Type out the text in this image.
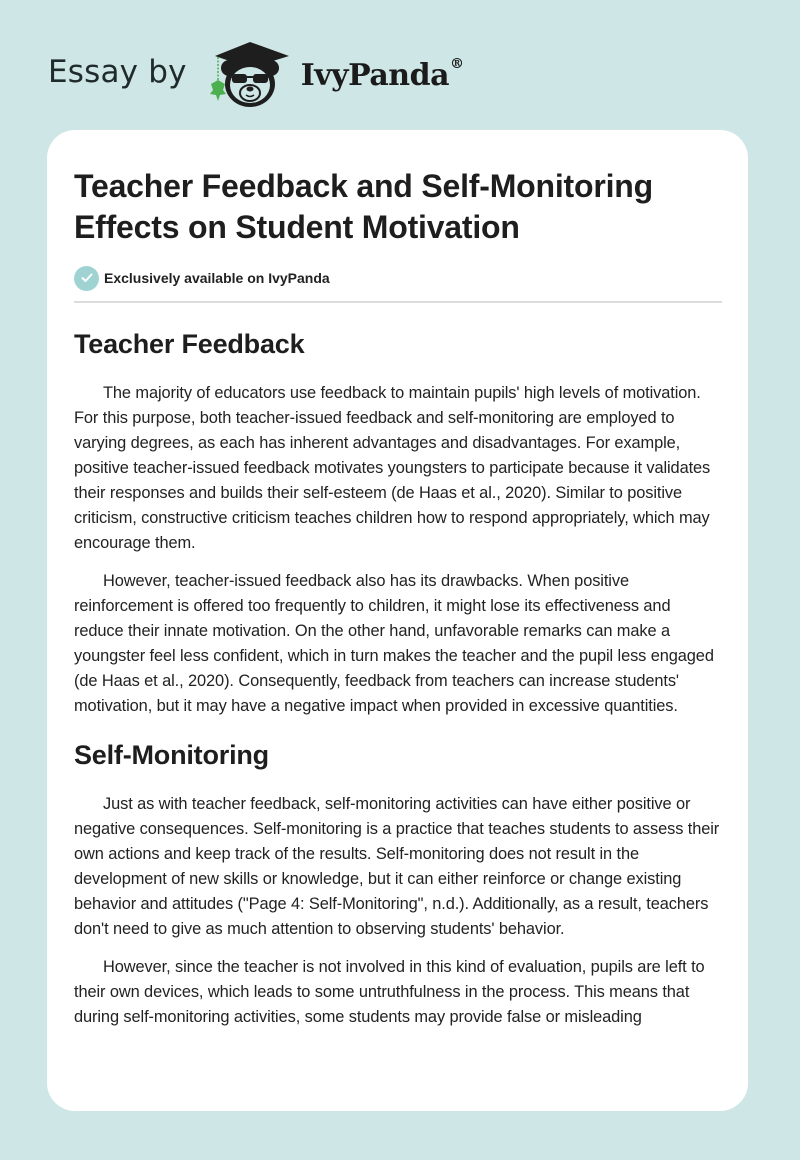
Essay by	IvyPanda®
Teacher Feedback and Self-Monitoring Effects on Student Motivation
Exclusively available on IvyPanda
Teacher Feedback

The majority of educators use feedback to maintain pupils' high levels of motivation. For this purpose, both teacher-issued feedback and self-monitoring are employed to varying degrees, as each has inherent advantages and disadvantages. For example, positive teacher-issued feedback motivates youngsters to participate because it validates their responses and builds their self-esteem (de Haas et al., 2020). Similar to positive criticism, constructive criticism teaches children how to respond appropriately, which may encourage them.

However, teacher-issued feedback also has its drawbacks. When positive reinforcement is offered too frequently to children, it might lose its effectiveness and reduce their innate motivation. On the other hand, unfavorable remarks can make a youngster feel less confident, which in turn makes the teacher and the pupil less engaged (de Haas et al., 2020). Consequently, feedback from teachers can increase students' motivation, but it may have a negative impact when provided in excessive quantities.

Self-Monitoring

Just as with teacher feedback, self-monitoring activities can have either positive or negative consequences. Self-monitoring is a practice that teaches students to assess their own actions and keep track of the results. Self-monitoring does not result in the development of new skills or knowledge, but it can either reinforce or change existing behavior and attitudes ("Page 4: Self-Monitoring", n.d.). Additionally, as a result, teachers don't need to give as much attention to observing students' behavior.

However, since the teacher is not involved in this kind of evaluation, pupils are left to their own devices, which leads to some untruthfulness in the process. This means that during self-monitoring activities, some students may provide false or misleading
